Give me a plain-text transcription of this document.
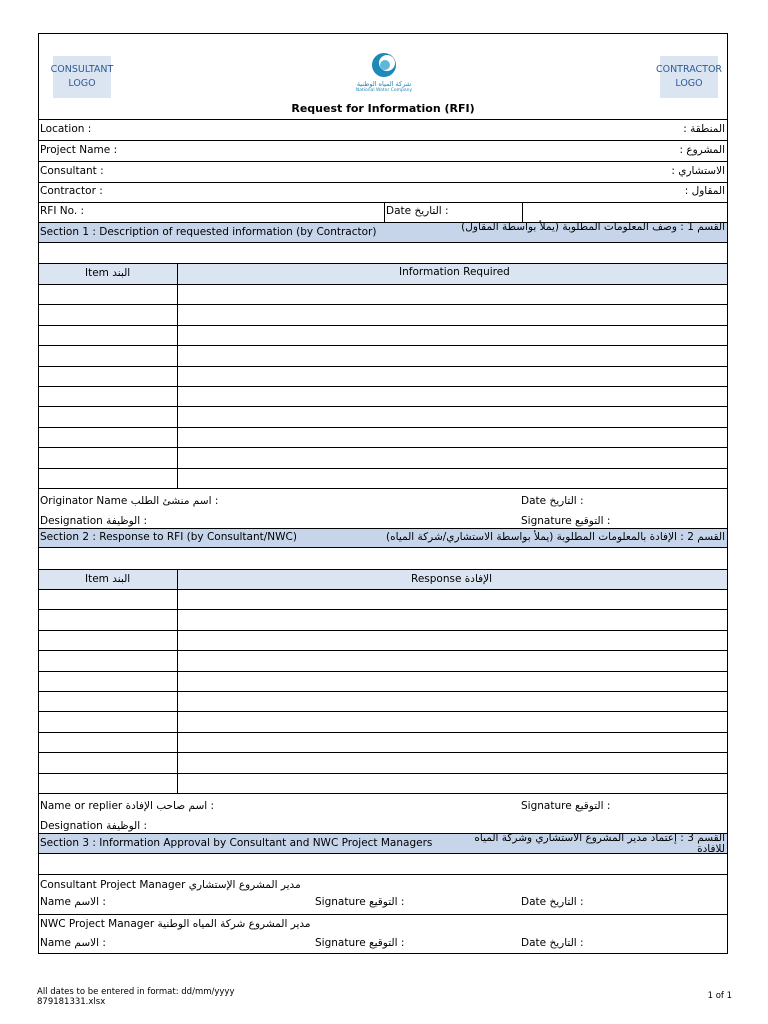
CONSULTANT
LOGO
CONTRACTOR
LOGO
شركة المياه الوطنية
National Water Company
Request for Information (RFI)
Location :	المنطقة :
Project Name :	المشروع :
Consultant :	الاستشاري :
Contractor :	المقاول :
RFI No. :	Date التاريخ :
Section 1 : Description of requested information (by Contractor)	القسم 1 : وصف المعلومات المطلوبة (يملأ بواسطة المقاول)
Item البند	Information Required
Originator Name اسم منشئ الطلب :	Date التاريخ :
Designation الوظيفة :	Signature التوقيع :
Section 2 : Response to RFI (by Consultant/NWC)	القسم 2 : الإفادة بالمعلومات المطلوبة (يملأ بواسطة الاستشاري/شركة المياه)
Item البند	Response الإفادة
Name or replier اسم صاحب الإفادة :	Signature التوقيع :
Designation الوظيفة :
Section 3 : Information Approval by Consultant and NWC Project Managers	القسم 3 : إعتماد مدير المشروع الاستشاري وشركة المياه للافادة
Consultant Project Manager مدير المشروع الإستشاري
Name الاسم :	Signature التوقيع :	Date التاريخ :
NWC Project Manager مدير المشروع شركة المياه الوطنية
Name الاسم :	Signature التوقيع :	Date التاريخ :
All dates to be entered in format: dd/mm/yyyy
879181331.xlsx
1 of 1
